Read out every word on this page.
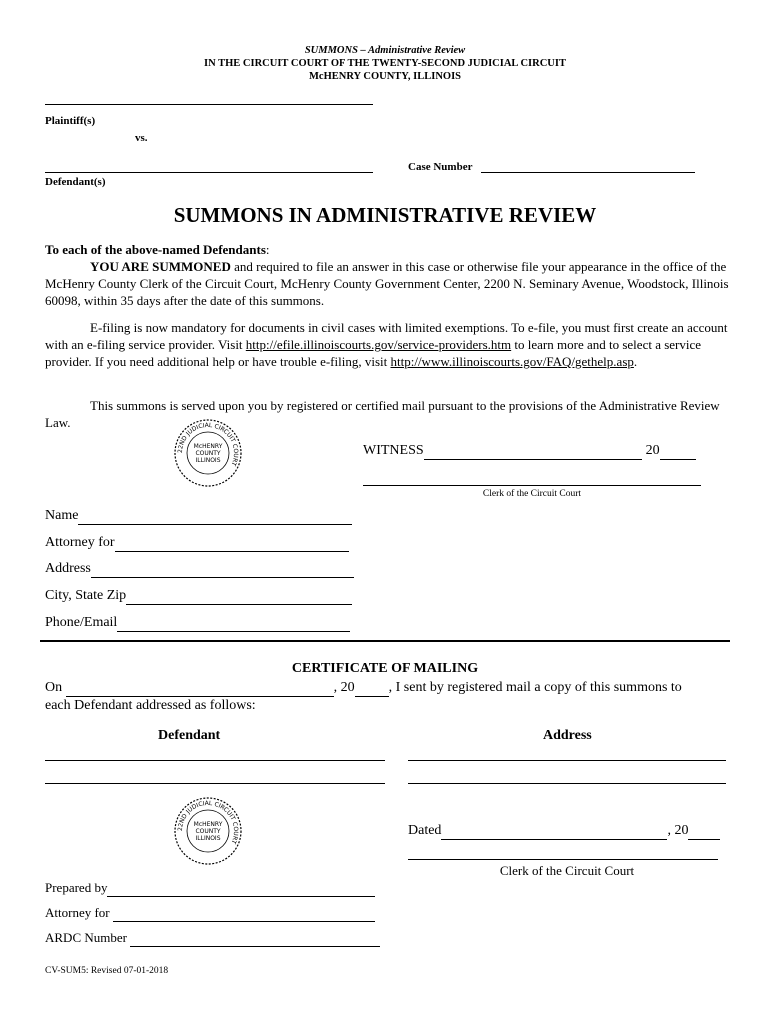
SUMMONS – Administrative Review
IN THE CIRCUIT COURT OF THE TWENTY-SECOND JUDICIAL CIRCUIT
McHENRY COUNTY, ILLINOIS
Plaintiff(s)
vs.
Defendant(s)
Case Number
SUMMONS IN ADMINISTRATIVE REVIEW
To each of the above-named Defendants:
YOU ARE SUMMONED and required to file an answer in this case or otherwise file your appearance in the office of the McHenry County Clerk of the Circuit Court, McHenry County Government Center, 2200 N. Seminary Avenue, Woodstock, Illinois 60098, within 35 days after the date of this summons.
E-filing is now mandatory for documents in civil cases with limited exemptions. To e-file, you must first create an account with an e-filing service provider. Visit http://efile.illinoiscourts.gov/service-providers.htm to learn more and to select a service provider. If you need additional help or have trouble e-filing, visit http://www.illinoiscourts.gov/FAQ/gethelp.asp.
This summons is served upon you by registered or certified mail pursuant to the provisions of the Administrative Review Law.
22ND JUDICIAL CIRCUIT COURT
McHENRY
COUNTY
ILLINOIS
WITNESS	20
Clerk of the Circuit Court
Name
Attorney for
Address
City, State Zip
Phone/Email
CERTIFICATE OF MAILING
On	, 20 , I sent by registered mail a copy of this summons to
each Defendant addressed as follows:
Defendant	Address
22ND JUDICIAL CIRCUIT COURT
McHENRY
COUNTY
ILLINOIS
Dated	, 20
Clerk of the Circuit Court
Prepared by
Attorney for
ARDC Number
CV-SUM5: Revised 07-01-2018
